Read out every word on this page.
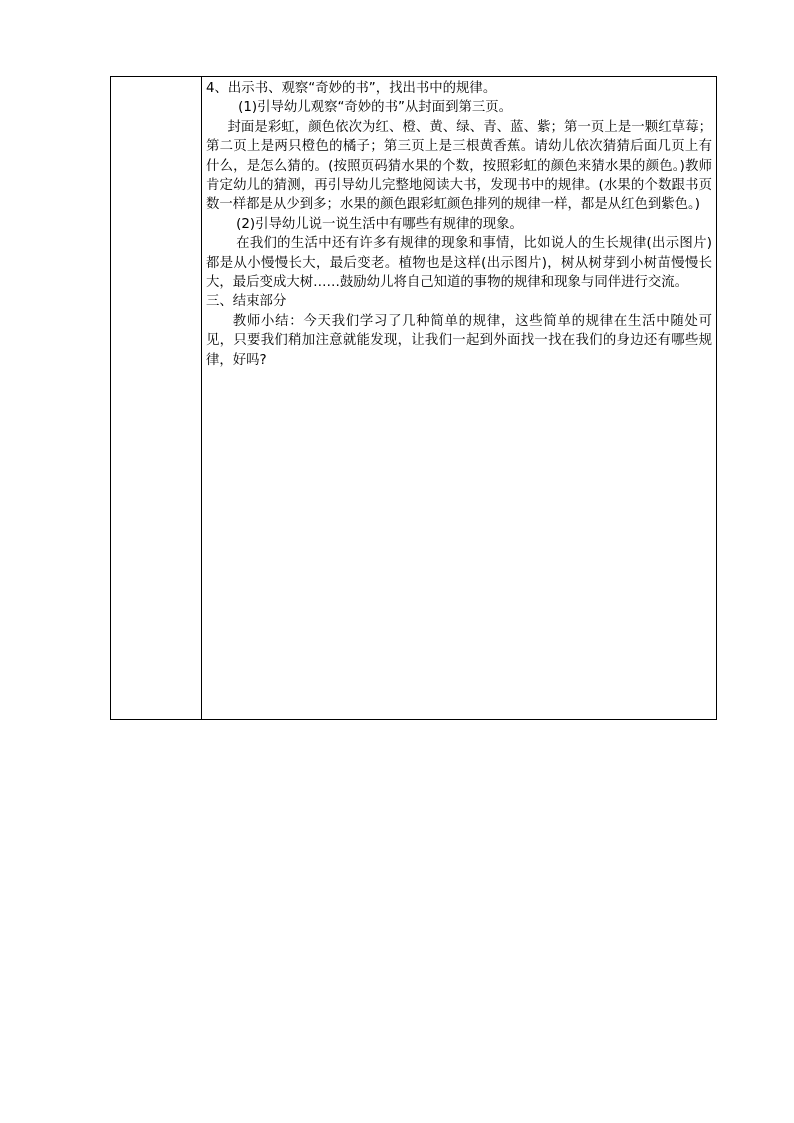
4、出示书、观察“奇妙的书”，找出书中的规律。

(1)引导幼儿观察“奇妙的书”从封面到第三页。

封面是彩虹，颜色依次为红、橙、黄、绿、青、蓝、紫；第一页上是一颗红草莓；第二页上是两只橙色的橘子；第三页上是三根黄香蕉。请幼儿依次猜猜后面几页上有什么，是怎么猜的。(按照页码猜水果的个数，按照彩虹的颜色来猜水果的颜色。)教师肯定幼儿的猜测，再引导幼儿完整地阅读大书，发现书中的规律。(水果的个数跟书页数一样都是从少到多；水果的颜色跟彩虹颜色排列的规律一样，都是从红色到紫色。)

(2)引导幼儿说一说生活中有哪些有规律的现象。

在我们的生活中还有许多有规律的现象和事情，比如说人的生长规律(出示图片)都是从小慢慢长大，最后变老。植物也是这样(出示图片)，树从树芽到小树苗慢慢长大，最后变成大树……鼓励幼儿将自己知道的事物的规律和现象与同伴进行交流。

三、结束部分

教师小结：今天我们学习了几种简单的规律，这些简单的规律在生活中随处可见，只要我们稍加注意就能发现，让我们一起到外面找一找在我们的身边还有哪些规律，好吗?
